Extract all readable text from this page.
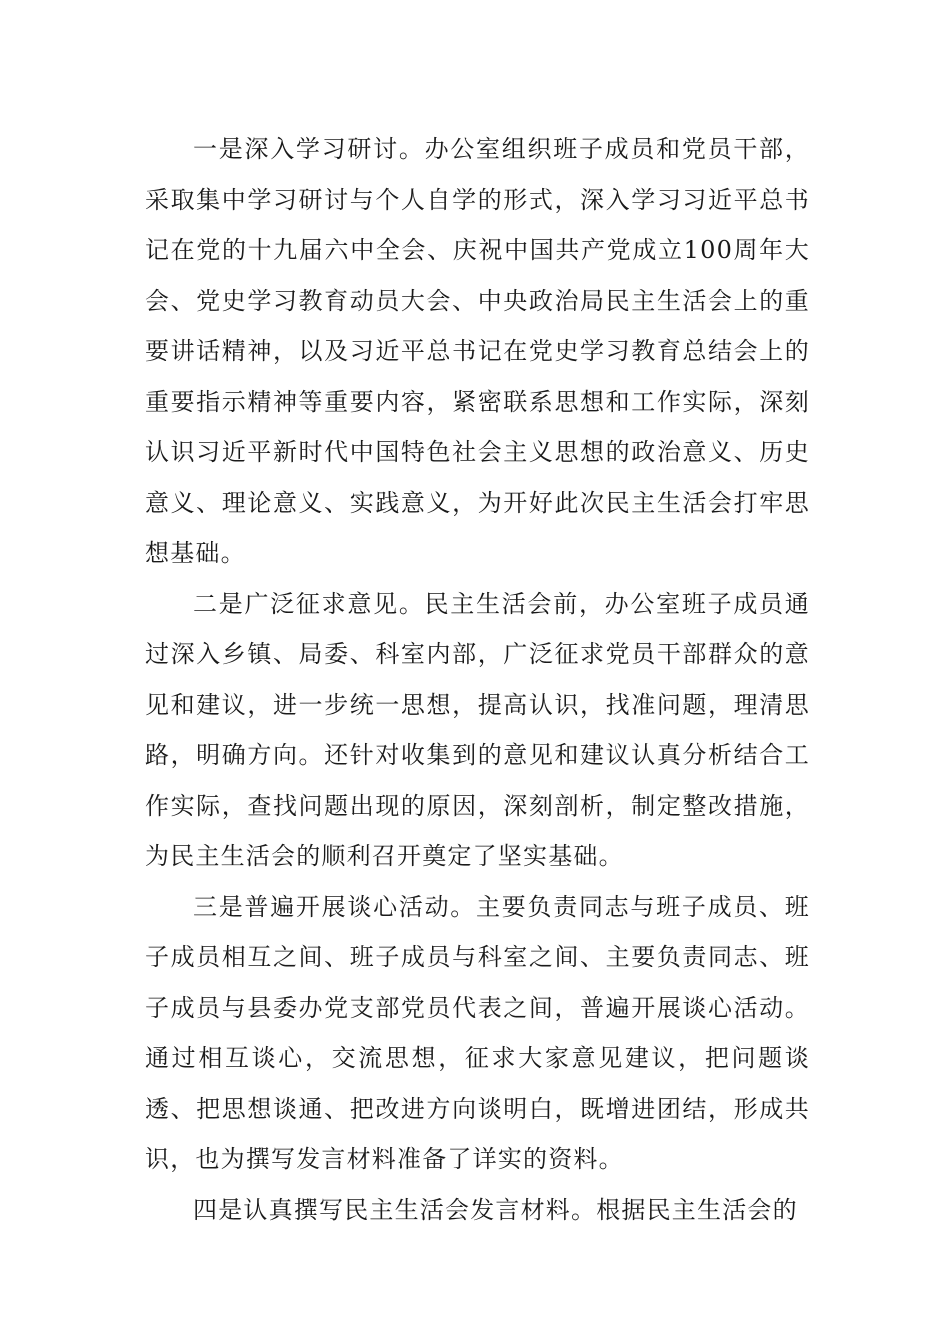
一是深入学习研讨。办公室组织班子成员和党员干部，采取集中学习研讨与个人自学的形式，深入学习习近平总书记在党的十九届六中全会、庆祝中国共产党成立100周年大会、党史学习教育动员大会、中央政治局民主生活会上的重要讲话精神，以及习近平总书记在党史学习教育总结会上的重要指示精神等重要内容，紧密联系思想和工作实际，深刻认识习近平新时代中国特色社会主义思想的政治意义、历史意义、理论意义、实践意义，为开好此次民主生活会打牢思想基础。

二是广泛征求意见。民主生活会前，办公室班子成员通过深入乡镇、局委、科室内部，广泛征求党员干部群众的意见和建议，进一步统一思想，提高认识，找准问题，理清思路，明确方向。还针对收集到的意见和建议认真分析结合工作实际，查找问题出现的原因，深刻剖析，制定整改措施，为民主生活会的顺利召开奠定了坚实基础。

三是普遍开展谈心活动。主要负责同志与班子成员、班子成员相互之间、班子成员与科室之间、主要负责同志、班子成员与县委办党支部党员代表之间，普遍开展谈心活动。通过相互谈心，交流思想，征求大家意见建议，把问题谈透、把思想谈通、把改进方向谈明白，既增进团结，形成共识，也为撰写发言材料准备了详实的资料。

四是认真撰写民主生活会发言材料。根据民主生活会的
